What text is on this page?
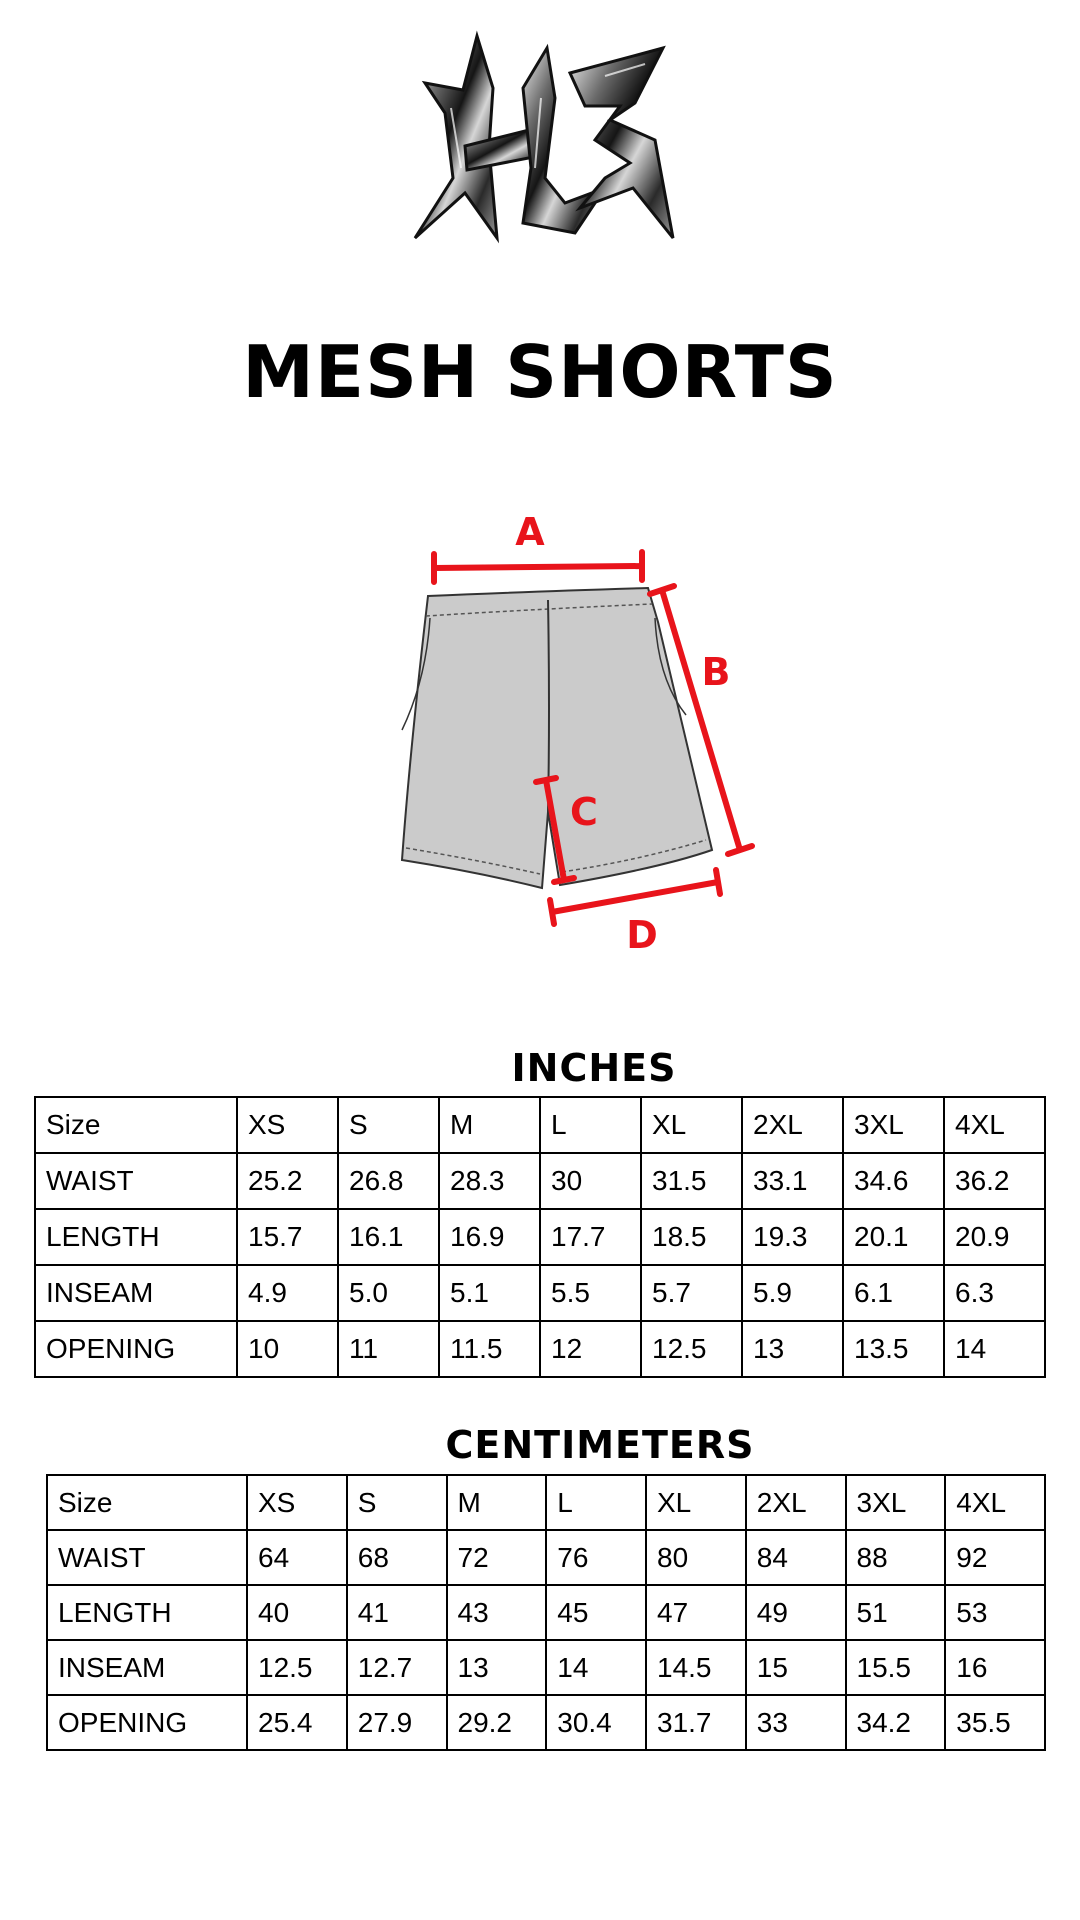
MESH SHORTS
A
B
C
D
INCHES
Size	XS	S	M	L	XL	2XL	3XL	4XL
WAIST	25.2	26.8	28.3	30	31.5	33.1	34.6	36.2
LENGTH	15.7	16.1	16.9	17.7	18.5	19.3	20.1	20.9
INSEAM	4.9	5.0	5.1	5.5	5.7	5.9	6.1	6.3
OPENING	10	11	11.5	12	12.5	13	13.5	14
CENTIMETERS
Size	XS	S	M	L	XL	2XL	3XL	4XL
WAIST	64	68	72	76	80	84	88	92
LENGTH	40	41	43	45	47	49	51	53
INSEAM	12.5	12.7	13	14	14.5	15	15.5	16
OPENING	25.4	27.9	29.2	30.4	31.7	33	34.2	35.5
